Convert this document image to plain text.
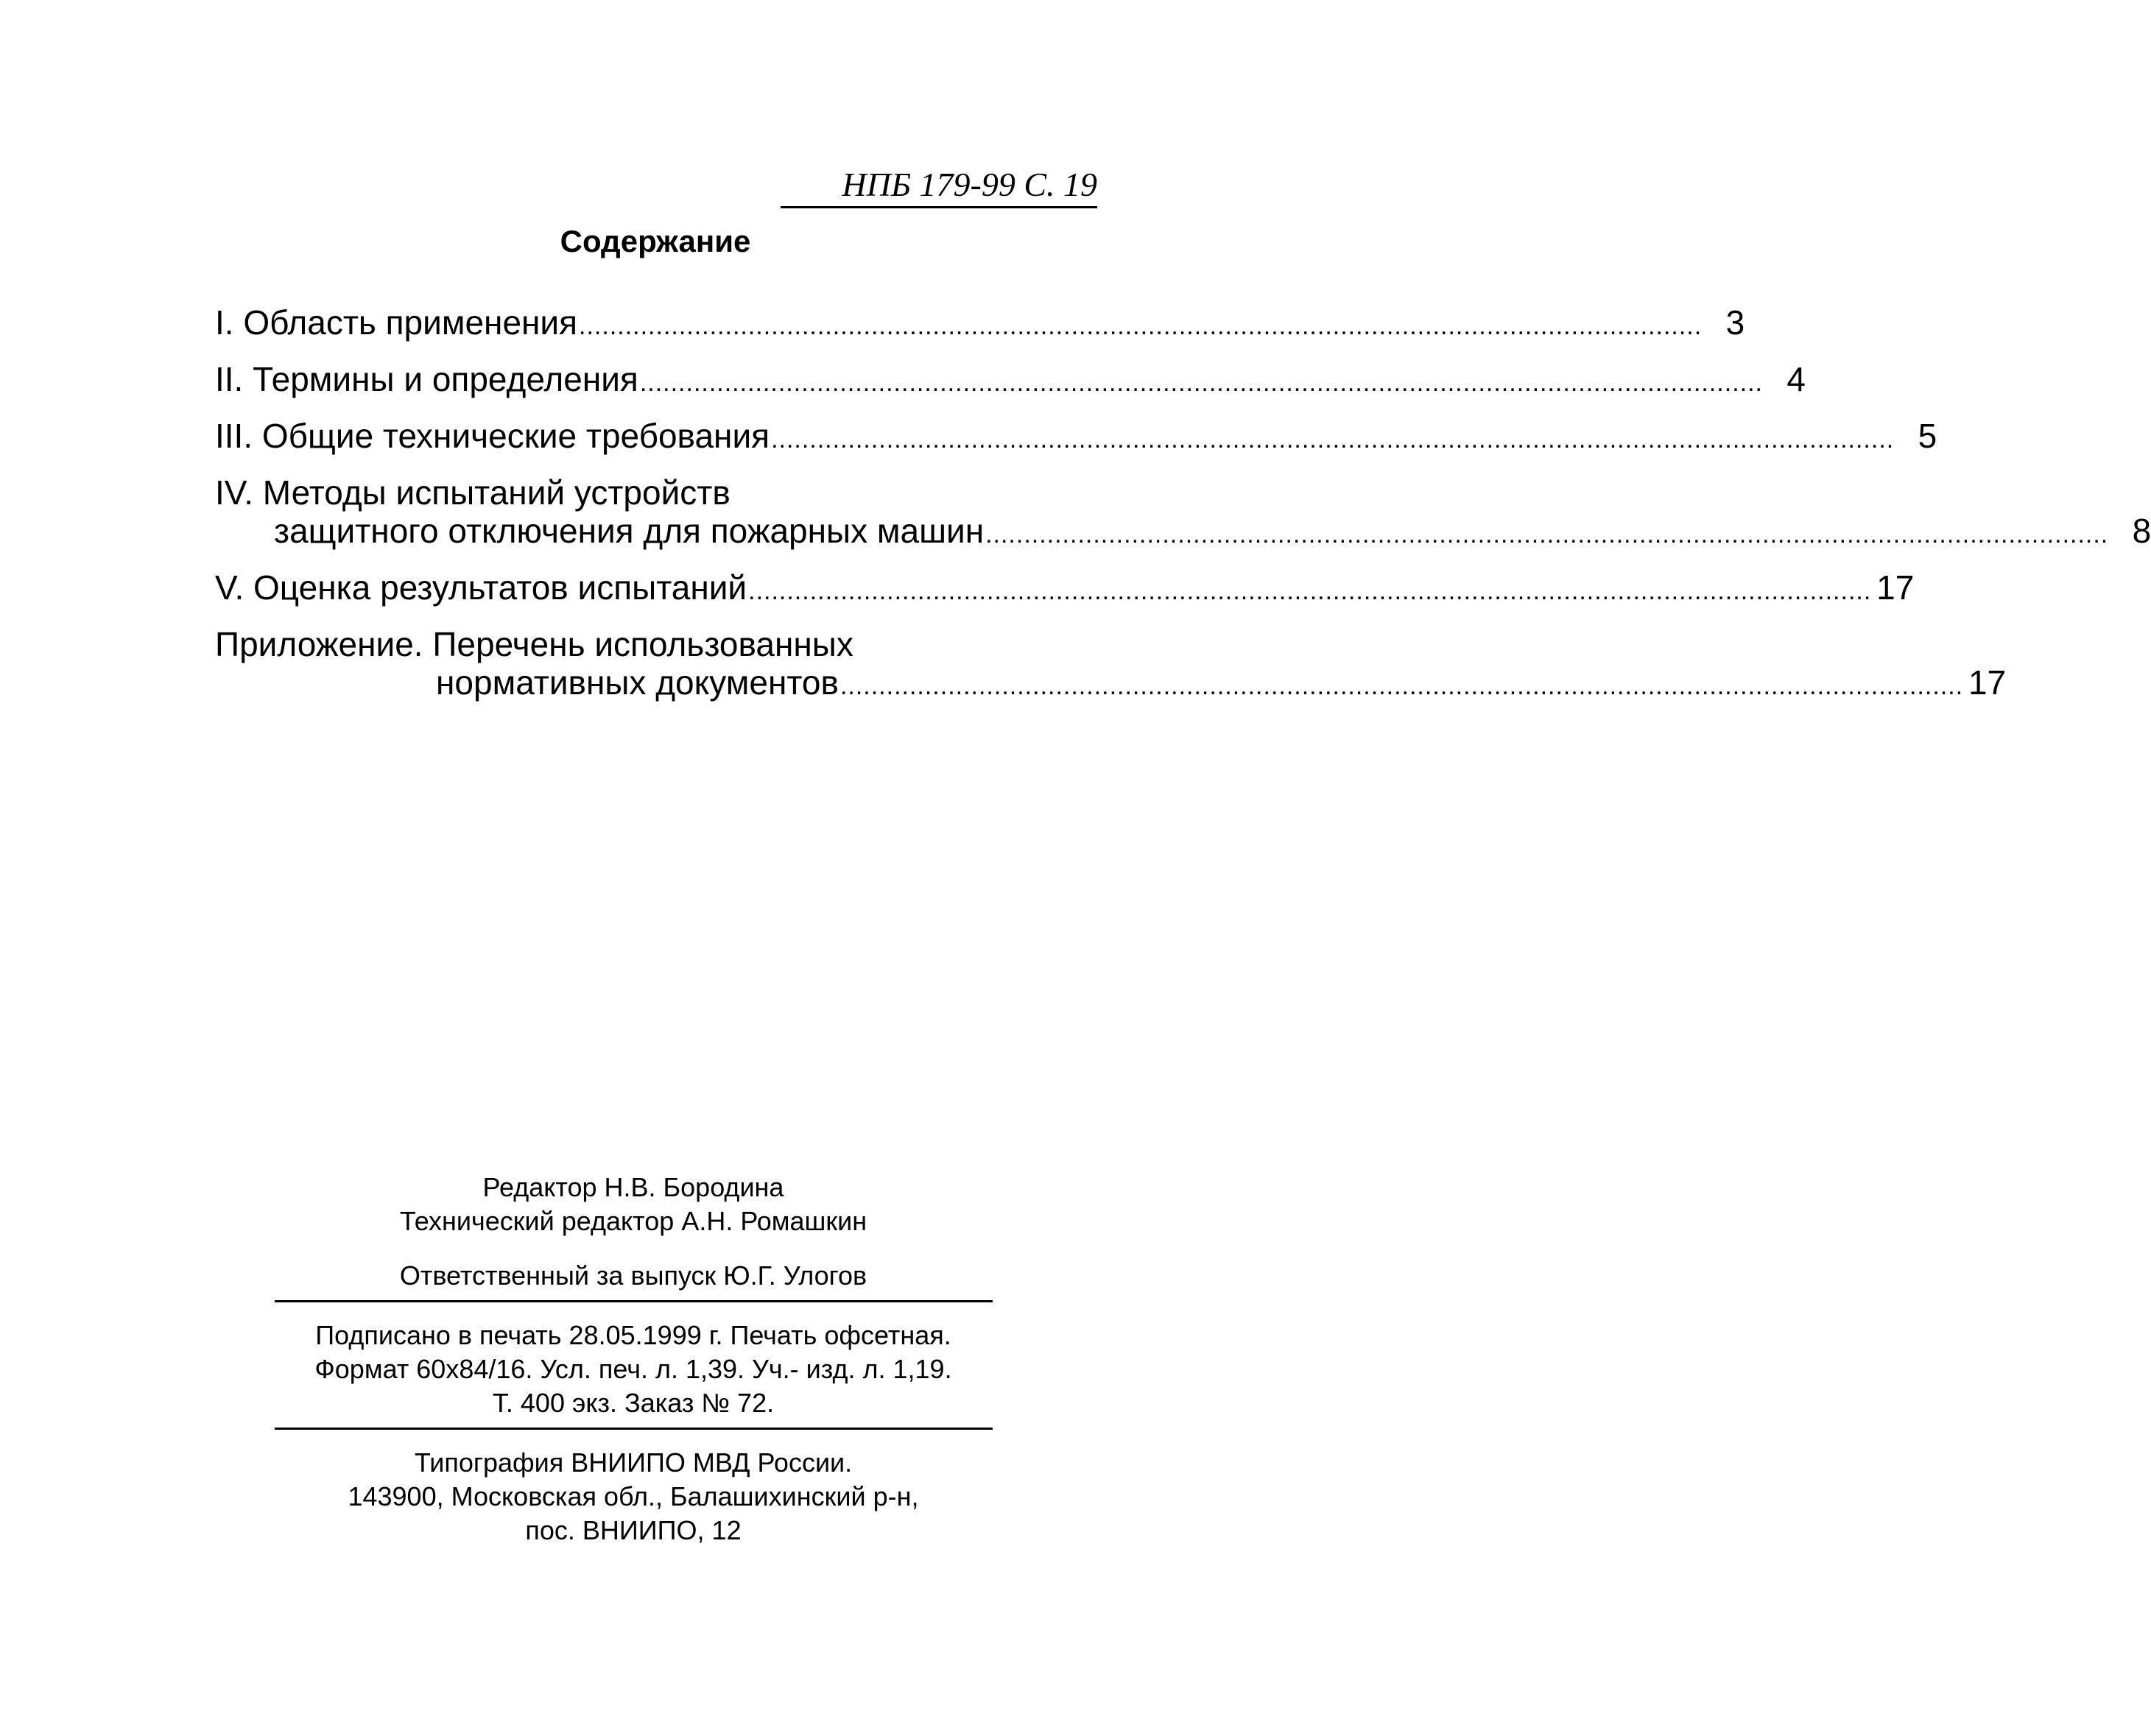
НПБ 179-99 С. 19
Содержание
I. Область применения .................................................................................................................................................. 3
II. Термины и определения .................................................................................................................................................. 4
III. Общие технические требования .................................................................................................................................................. 5
IV. Методы испытаний устройств
защитного отключения для пожарных машин .................................................................................................................................................. 8
V. Оценка результатов испытаний .................................................................................................................................................. 17
Приложение. Перечень использованных
нормативных документов .................................................................................................................................................. 17
Редактор Н.В. Бородина
Технический редактор А.Н. Ромашкин
Ответственный за выпуск Ю.Г. Улогов
Подписано в печать 28.05.1999 г. Печать офсетная.
Формат 60x84/16. Усл. печ. л. 1,39. Уч.- изд. л. 1,19.
Т. 400 экз. Заказ № 72.
Типография ВНИИПО МВД России.
143900, Московская обл., Балашихинский р-н,
пос. ВНИИПО, 12
